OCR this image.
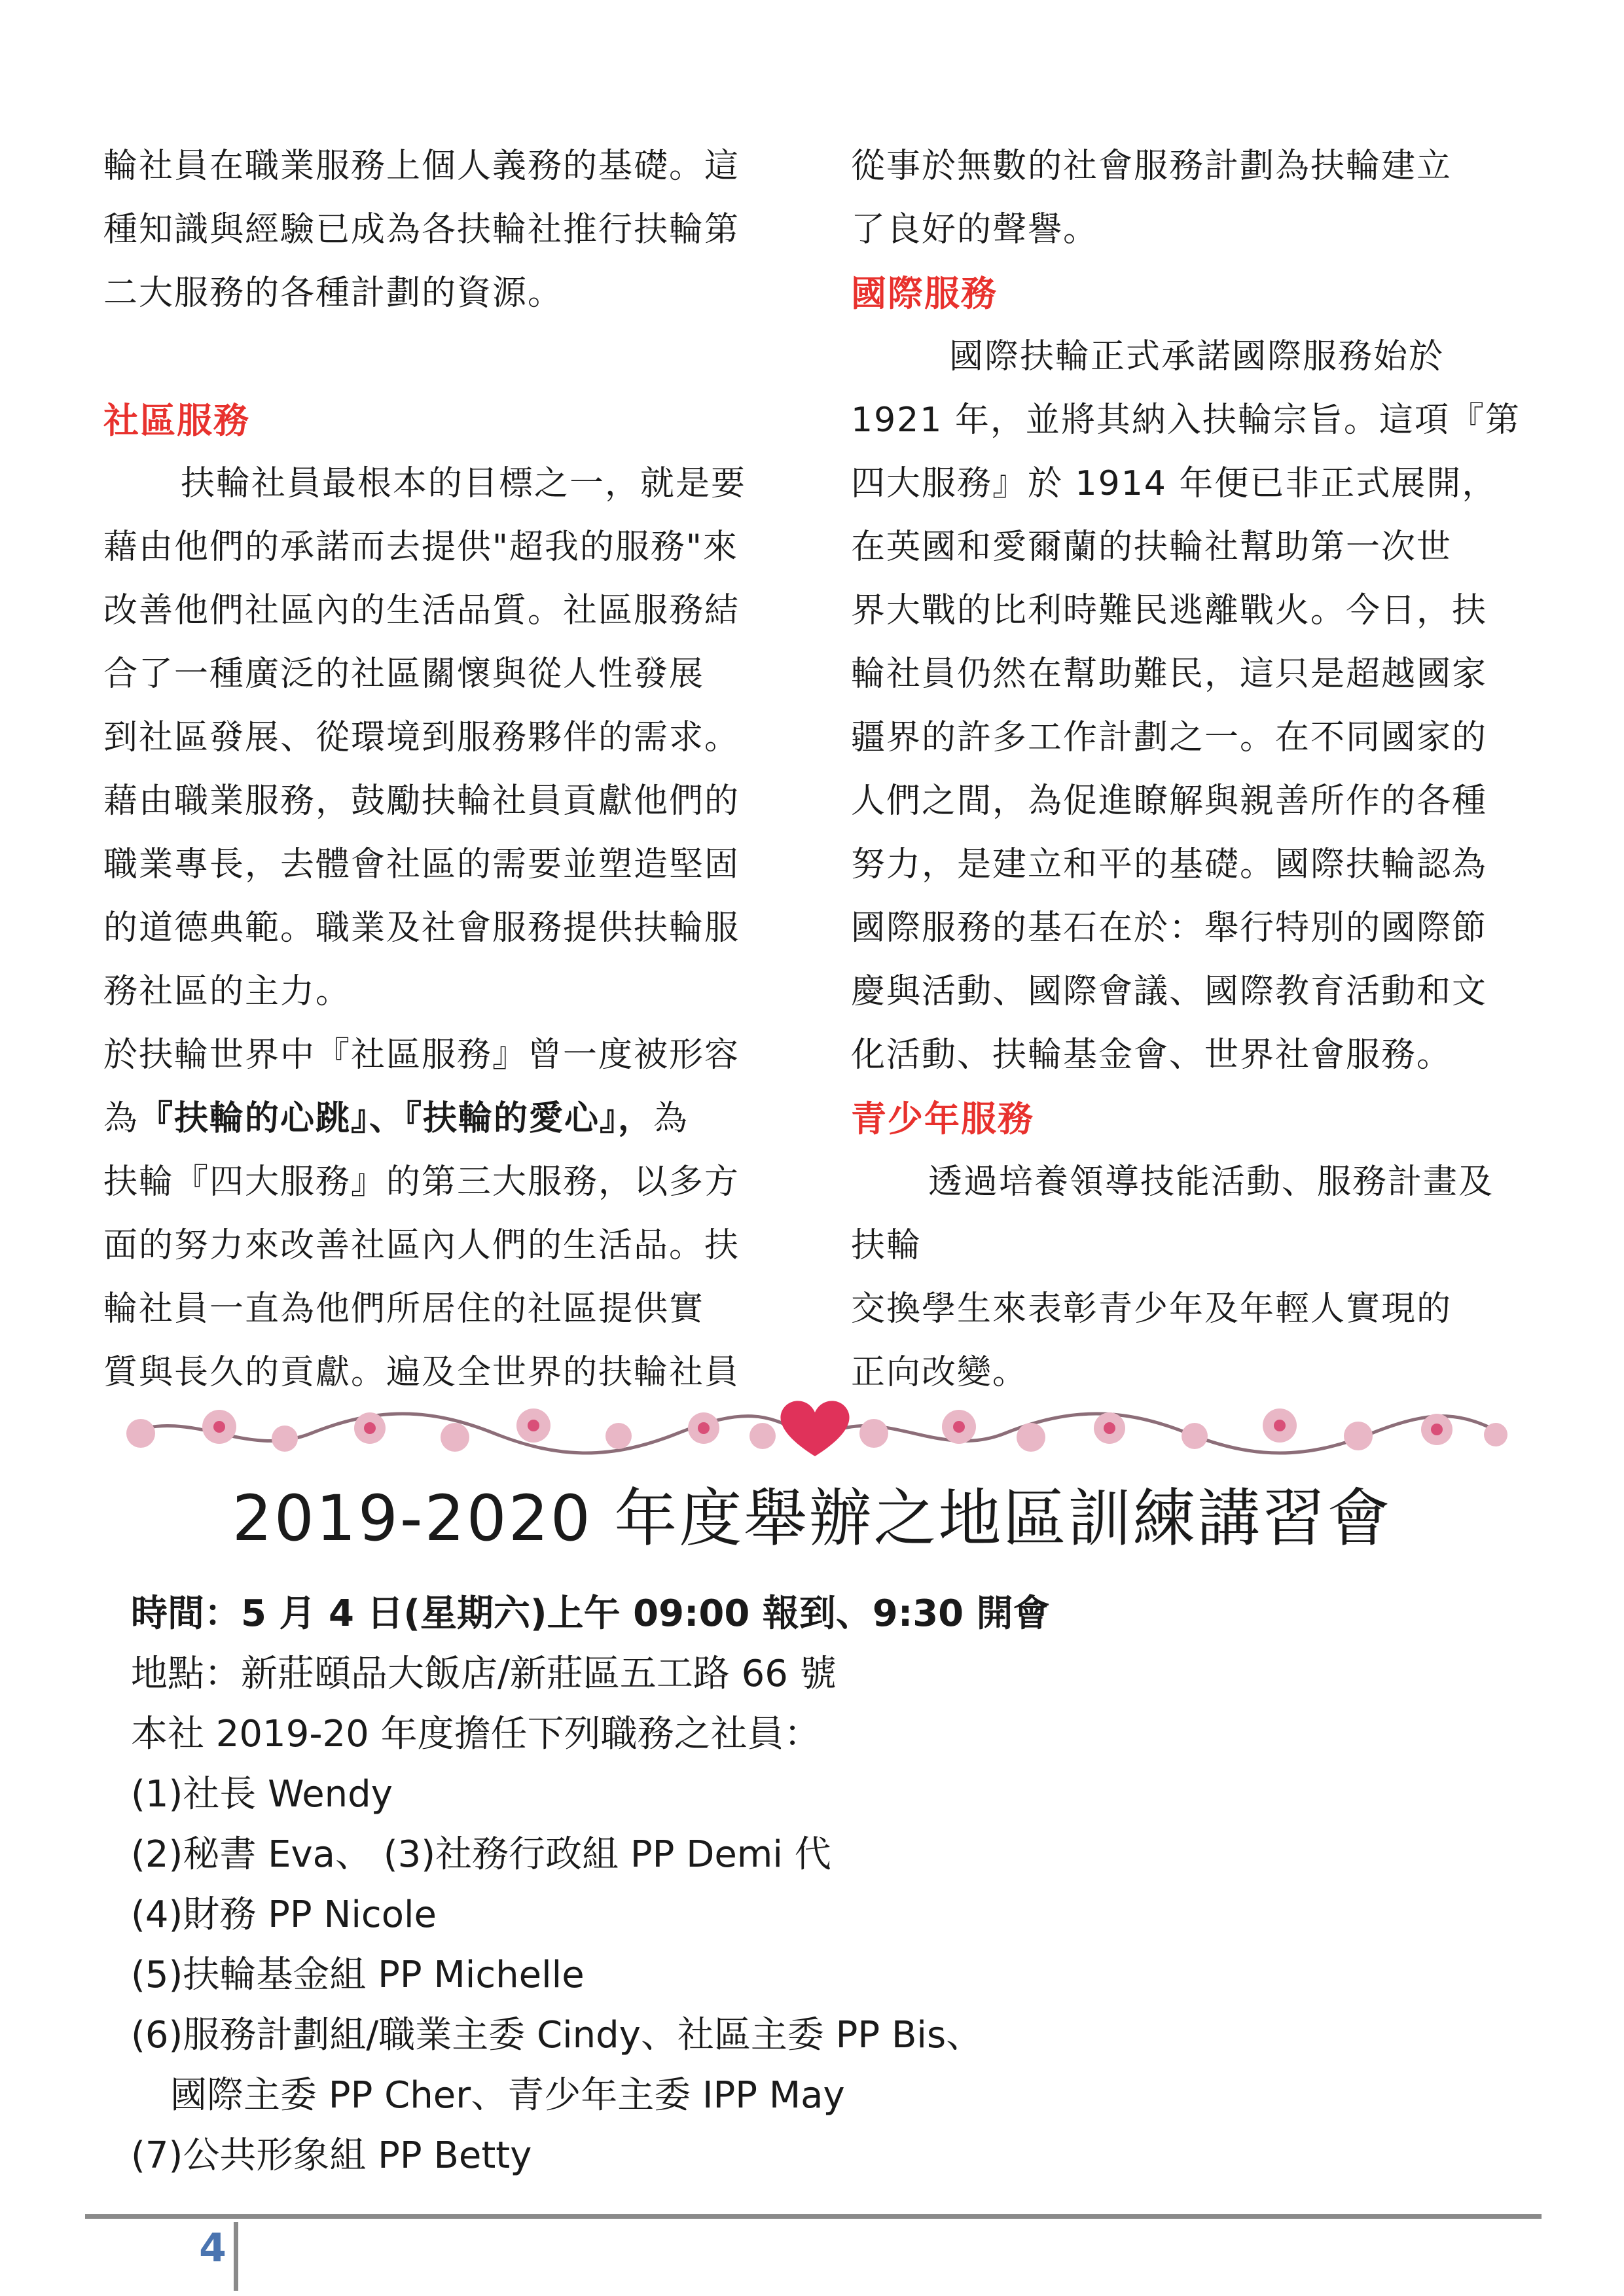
輪社員在職業服務上個人義務的基礎。這
種知識與經驗已成為各扶輪社推行扶輪第
二大服務的各種計劃的資源。
社區服務
扶輪社員最根本的目標之一，就是要
藉由他們的承諾而去提供"超我的服務"來
改善他們社區內的生活品質。社區服務結
合了一種廣泛的社區關懷與從人性發展
到社區發展、從環境到服務夥伴的需求。
藉由職業服務，鼓勵扶輪社員貢獻他們的
職業專長，去體會社區的需要並塑造堅固
的道德典範。職業及社會服務提供扶輪服
務社區的主力。
於扶輪世界中『社區服務』曾一度被形容
為『扶輪的心跳』、『扶輪的愛心』，為
扶輪『四大服務』的第三大服務，以多方
面的努力來改善社區內人們的生活品。扶
輪社員一直為他們所居住的社區提供實
質與長久的貢獻。遍及全世界的扶輪社員
從事於無數的社會服務計劃為扶輪建立
了良好的聲譽。
國際服務
國際扶輪正式承諾國際服務始於
1921 年，並將其納入扶輪宗旨。這項『第
四大服務』於 1914 年便已非正式展開，
在英國和愛爾蘭的扶輪社幫助第一次世
界大戰的比利時難民逃離戰火。今日，扶
輪社員仍然在幫助難民，這只是超越國家
疆界的許多工作計劃之一。在不同國家的
人們之間，為促進瞭解與親善所作的各種
努力，是建立和平的基礎。國際扶輪認為
國際服務的基石在於：舉行特別的國際節
慶與活動、國際會議、國際教育活動和文
化活動、扶輪基金會、世界社會服務。
青少年服務
透過培養領導技能活動、服務計畫及
扶輪
交換學生來表彰青少年及年輕人實現的
正向改變。
2019-2020 年度舉辦之地區訓練講習會
時間：5 月 4 日(星期六)上午 09:00 報到、9:30 開會
地點：新莊頤品大飯店/新莊區五工路 66 號
本社 2019-20 年度擔任下列職務之社員：
(1)社長 Wendy
(2)秘書 Eva、 (3)社務行政組 PP Demi 代
(4)財務 PP Nicole
(5)扶輪基金組 PP Michelle
(6)服務計劃組/職業主委 Cindy、社區主委 PP Bis、
國際主委 PP Cher、青少年主委 IPP May
(7)公共形象組 PP Betty
4
